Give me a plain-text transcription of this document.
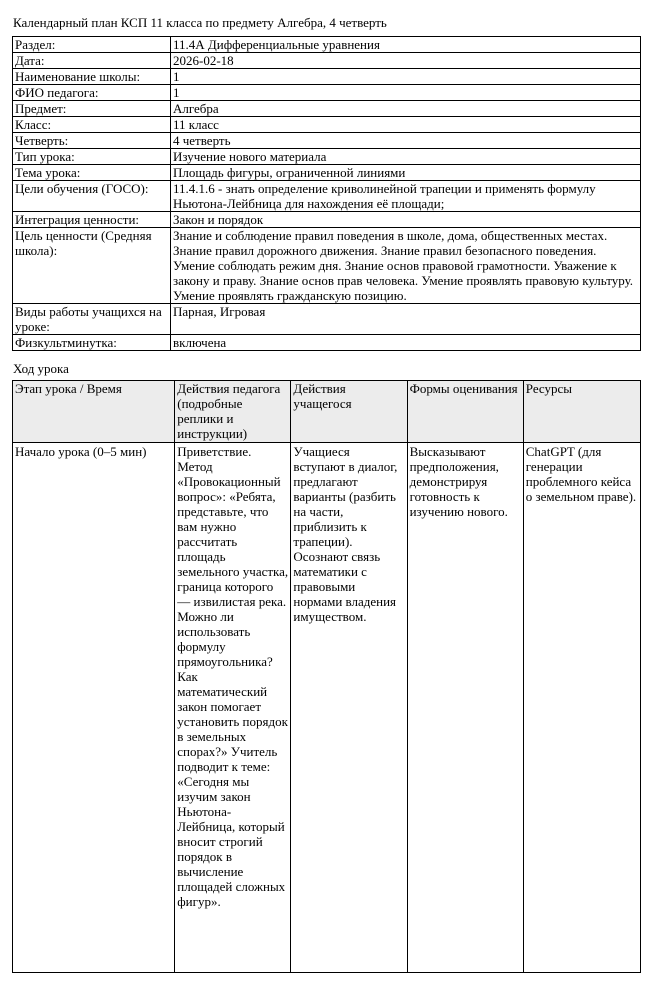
Календарный план КСП 11 класса по предмету Алгебра, 4 четверть
Раздел:	11.4А Дифференциальные уравнения
Дата:	2026-02-18
Наименование школы:	1
ФИО педагога:	1
Предмет:	Алгебра
Класс:	11 класс
Четверть:	4 четверть
Тип урока:	Изучение нового материала
Тема урока:	Площадь фигуры, ограниченной линиями
Цели обучения (ГОСО):	11.4.1.6 - знать определение криволинейной трапеции и применять формулу Ньютона-Лейбница для нахождения её площади;
Интеграция ценности:	Закон и порядок
Цель ценности (Средняя школа):	Знание и соблюдение правил поведения в школе, дома, общественных местах. Знание правил дорожного движения. Знание правил безопасного поведения. Умение соблюдать режим дня. Знание основ правовой грамотности. Уважение к закону и праву. Знание основ прав человека. Умение проявлять правовую культуру. Умение проявлять гражданскую позицию.
Виды работы учащихся на уроке:	Парная, Игровая
Физкультминутка:	включена
Ход урока
Этап урока / Время	Действия педагога (подробные реплики и инструкции)	Действия учащегося	Формы оценивания	Ресурсы
Начало урока (0–5 мин)	Приветствие. Метод «Провокационный вопрос»: «Ребята, представьте, что вам нужно рассчитать площадь земельного участка, граница которого — извилистая река. Можно ли использовать формулу прямоугольника? Как математический закон помогает установить порядок в земельных спорах?» Учитель подводит к теме: «Сегодня мы изучим закон Ньютона-Лейбница, который вносит строгий порядок в вычисление площадей сложных фигур».	Учащиеся вступают в диалог, предлагают варианты (разбить на части, приблизить к трапеции). Осознают связь математики с правовыми нормами владения имуществом.	Высказывают предположения, демонстрируя готовность к изучению нового.	ChatGPT (для генерации проблемного кейса о земельном праве).
